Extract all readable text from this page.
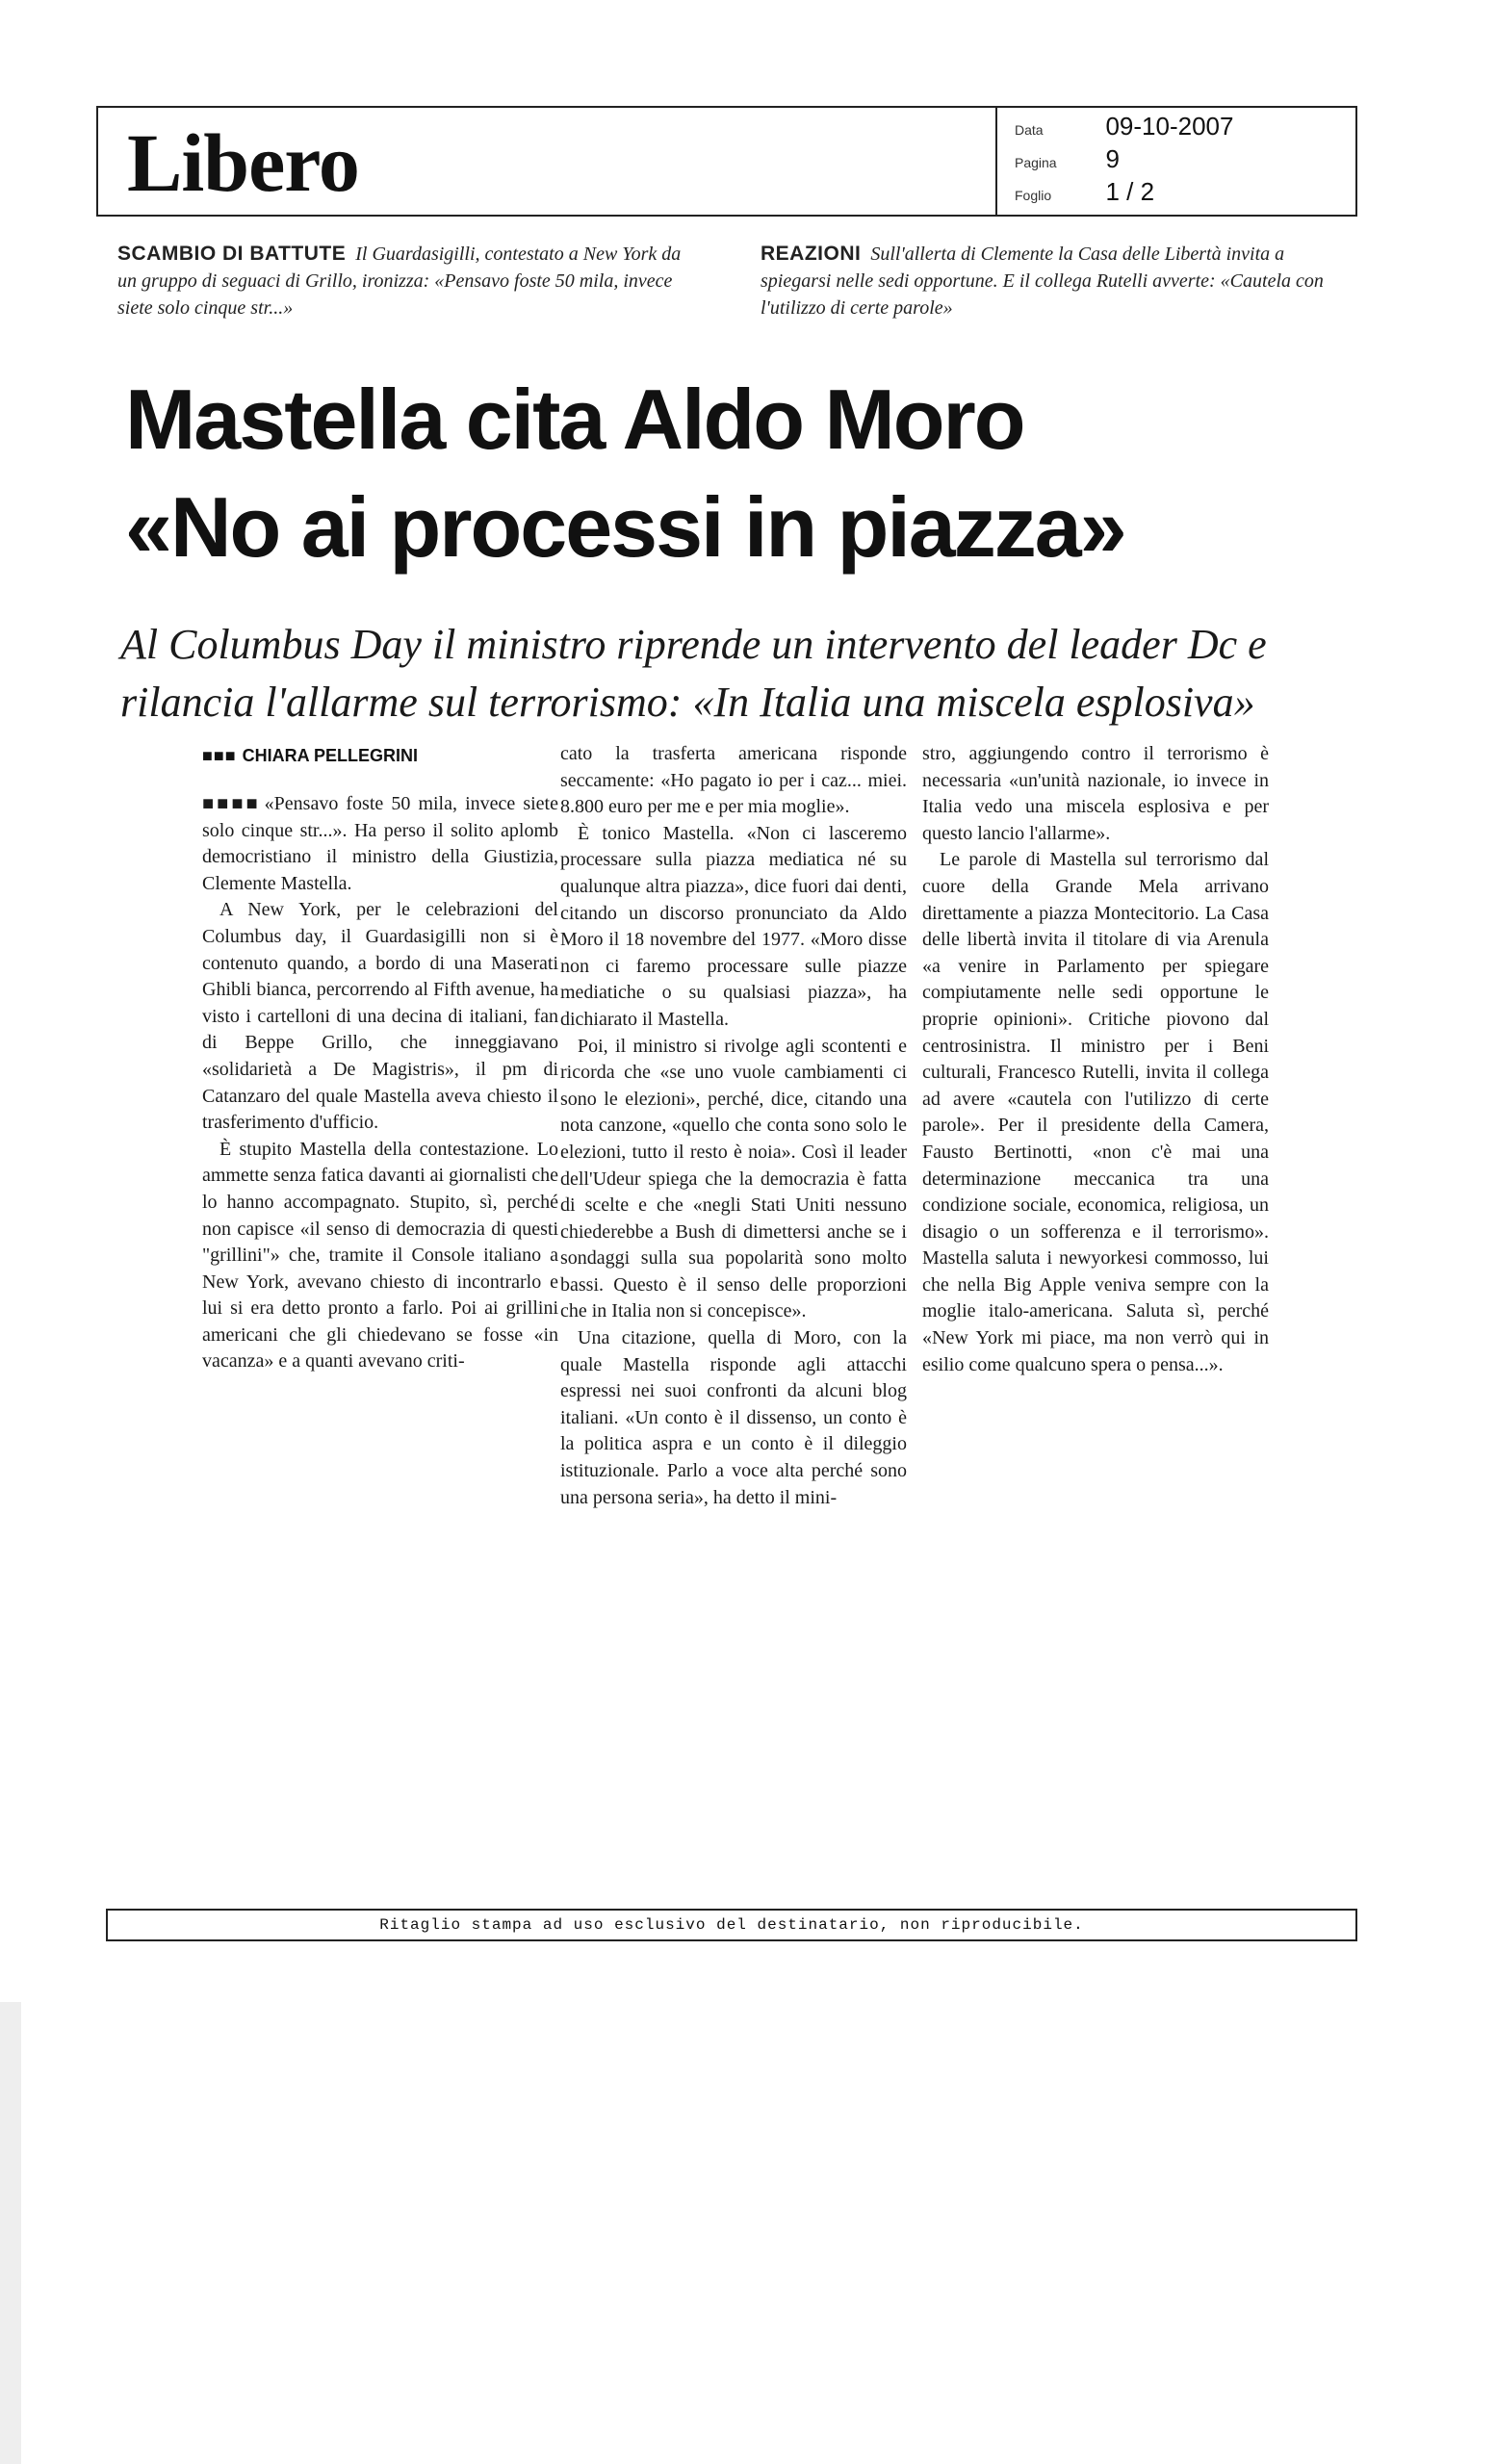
Libero	Data 09-10-2007
Pagina 9
Foglio 1 / 2
SCAMBIO DI BATTUTE Il Guardasigilli, contestato a New York da un gruppo di seguaci di Grillo, ironizza: «Pensavo foste 50 mila, invece siete solo cinque str...»
REAZIONI Sull'allerta di Clemente la Casa delle Libertà invita a spiegarsi nelle sedi opportune. E il collega Rutelli avverte: «Cautela con l'utilizzo di certe parole»
Mastella cita Aldo Moro
«No ai processi in piazza»
Al Columbus Day il ministro riprende un intervento del leader Dc e
rilancia l'allarme sul terrorismo: «In Italia una miscela esplosiva»
■■■ CHIARA PELLEGRINI

■■■■ «Pensavo foste 50 mila, invece siete solo cinque str...». Ha perso il solito aplomb democristiano il ministro della Giustizia, Clemente Mastella.

A New York, per le celebrazioni del Columbus day, il Guardasigilli non si è contenuto quando, a bordo di una Maserati Ghibli bianca, percorrendo al Fifth avenue, ha visto i cartelloni di una decina di italiani, fan di Beppe Grillo, che inneggiavano «solidarietà a De Magistris», il pm di Catanzaro del quale Mastella aveva chiesto il trasferimento d'ufficio.

È stupito Mastella della contestazione. Lo ammette senza fatica davanti ai giornalisti che lo hanno accompagnato. Stupito, sì, perché non capisce «il senso di democrazia di questi "grillini"» che, tramite il Console italiano a New York, avevano chiesto di incontrarlo e lui si era detto pronto a farlo. Poi ai grillini americani che gli chiedevano se fosse «in vacanza» e a quanti avevano criti-

cato la trasferta americana risponde seccamente: «Ho pagato io per i caz... miei. 8.800 euro per me e per mia moglie».

È tonico Mastella. «Non ci lasceremo processare sulla piazza mediatica né su qualunque altra piazza», dice fuori dai denti, citando un discorso pronunciato da Aldo Moro il 18 novembre del 1977. «Moro disse non ci faremo processare sulle piazze mediatiche o su qualsiasi piazza», ha dichiarato il Mastella.

Poi, il ministro si rivolge agli scontenti e ricorda che «se uno vuole cambiamenti ci sono le elezioni», perché, dice, citando una nota canzone, «quello che conta sono solo le elezioni, tutto il resto è noia». Così il leader dell'Udeur spiega che la democrazia è fatta di scelte e che «negli Stati Uniti nessuno chiederebbe a Bush di dimettersi anche se i sondaggi sulla sua popolarità sono molto bassi. Questo è il senso delle proporzioni che in Italia non si concepisce».

Una citazione, quella di Moro, con la quale Mastella risponde agli attacchi espressi nei suoi confronti da alcuni blog italiani. «Un conto è il dissenso, un conto è la politica aspra e un conto è il dileggio istituzionale. Parlo a voce alta perché sono una persona seria», ha detto il mini-

stro, aggiungendo contro il terrorismo è necessaria «un'unità nazionale, io invece in Italia vedo una miscela esplosiva e per questo lancio l'allarme».

Le parole di Mastella sul terrorismo dal cuore della Grande Mela arrivano direttamente a piazza Montecitorio. La Casa delle libertà invita il titolare di via Arenula «a venire in Parlamento per spiegare compiutamente nelle sedi opportune le proprie opinioni». Critiche piovono dal centrosinistra. Il ministro per i Beni culturali, Francesco Rutelli, invita il collega ad avere «cautela con l'utilizzo di certe parole». Per il presidente della Camera, Fausto Bertinotti, «non c'è mai una determinazione meccanica tra una condizione sociale, economica, religiosa, un disagio o un sofferenza e il terrorismo». Mastella saluta i newyorkesi commosso, lui che nella Big Apple veniva sempre con la moglie italo-americana. Saluta sì, perché «New York mi piace, ma non verrò qui in esilio come qualcuno spera o pensa...».

Ritaglio stampa ad uso esclusivo del destinatario, non riproducibile.
